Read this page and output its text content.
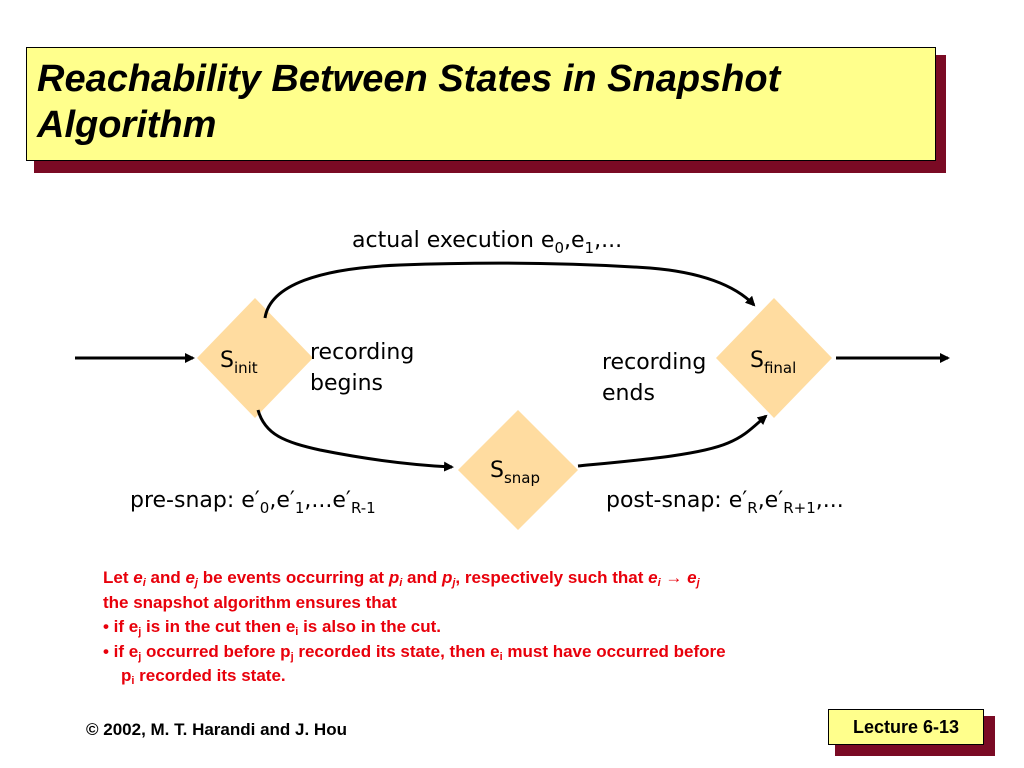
Reachability Between States in Snapshot
Algorithm
$S_{init}$	$S_{final}$
$S_{snap}$
actual execution $e_0,e_1$,...
recording
begins
recording
ends
pre-snap: $e'_0,e'_1,...e'_{R-1}$	post-snap: $e'_R,e'_{R+1}$,...
Let $e_i$ and $e_j$ be events occurring at $p_i$ and $p_j$, respectively such that $e_i \to e_j$
the snapshot algorithm ensures that
• if $e_j$ is in the cut then $e_i$ is also in the cut.
• if $e_j$ occurred before $p_j$ recorded its state, then $e_i$ must have occurred before
$p_i$ recorded its state.
© 2002, M. T. Harandi and J. Hou	Lecture 6-13
